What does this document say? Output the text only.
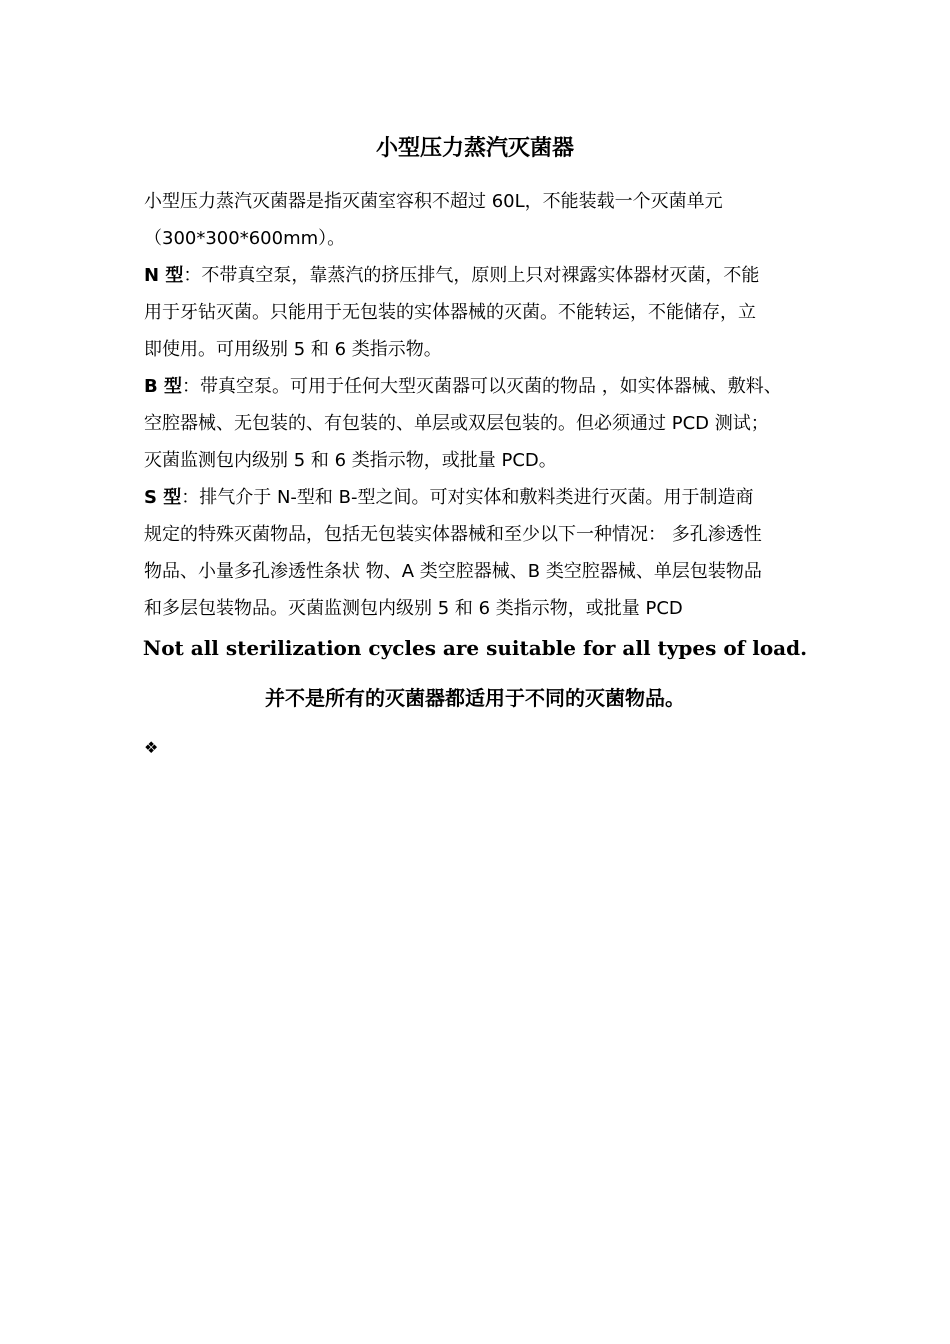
小型压力蒸汽灭菌器
小型压力蒸汽灭菌器是指灭菌室容积不超过 60L，不能装载一个灭菌单元
（300*300*600mm）。
N 型：不带真空泵，靠蒸汽的挤压排气，原则上只对裸露实体器材灭菌，不能
用于牙钻灭菌。只能用于无包装的实体器械的灭菌。不能转运，不能储存，立
即使用。可用级别 5 和 6 类指示物。
B 型：带真空泵。可用于任何大型灭菌器可以灭菌的物品 ，如实体器械、敷料、
空腔器械、无包装的、有包装的、单层或双层包装的。但必须通过 PCD 测试；
灭菌监测包内级别 5 和 6 类指示物，或批量 PCD。
S 型：排气介于 N-型和 B-型之间。可对实体和敷料类进行灭菌。用于制造商
规定的特殊灭菌物品，包括无包装实体器械和至少以下一种情况： 多孔渗透性
物品、小量多孔渗透性条状 物、A 类空腔器械、B 类空腔器械、单层包装物品
和多层包装物品。灭菌监测包内级别 5 和 6 类指示物，或批量 PCD
Not all sterilization cycles are suitable for all types of load.
并不是所有的灭菌器都适用于不同的灭菌物品。
❖
